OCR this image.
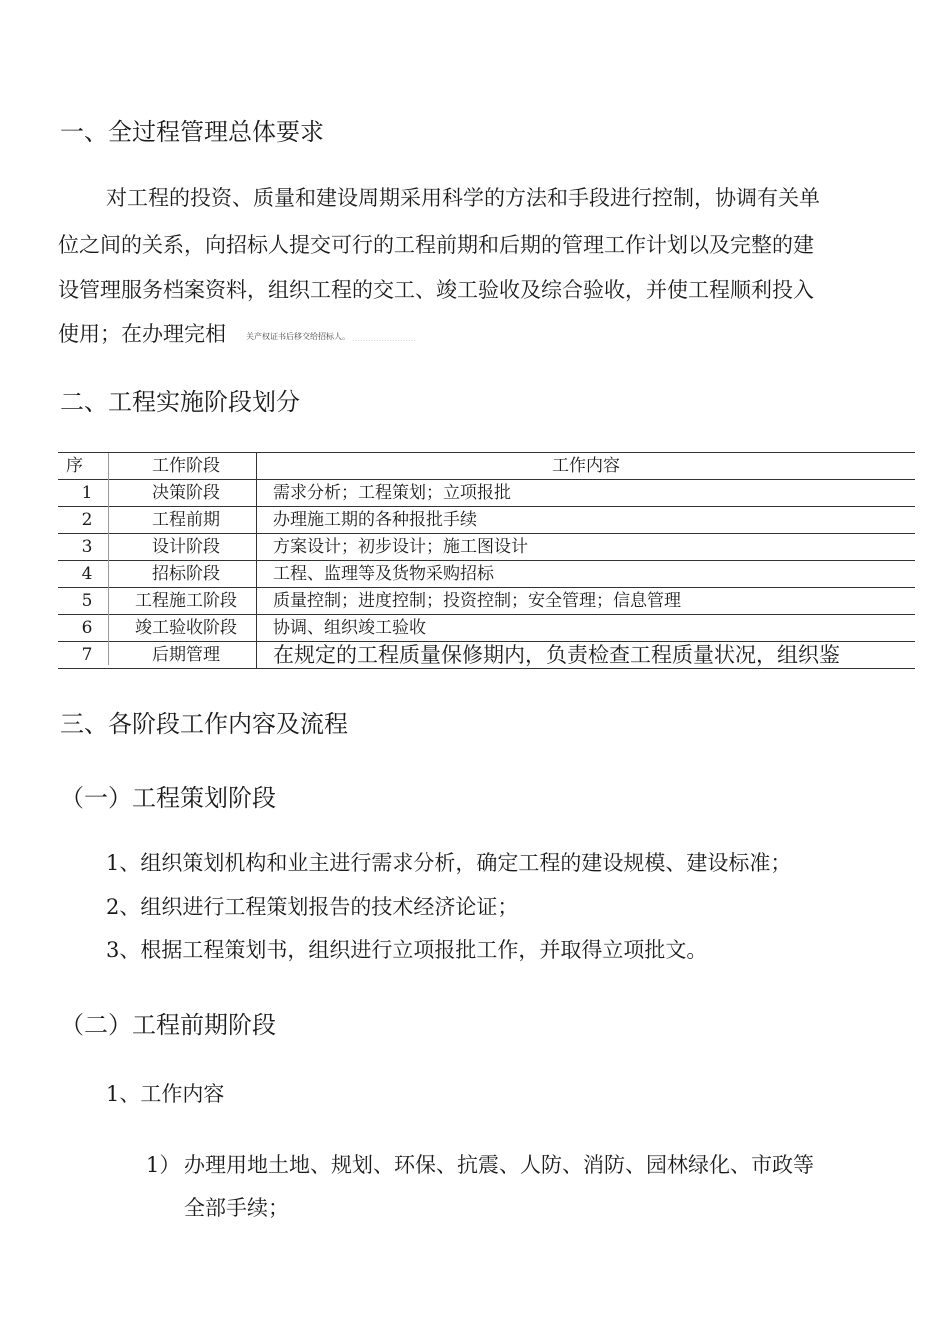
一、全过程管理总体要求
对工程的投资、质量和建设周期采用科学的方法和手段进行控制，协调有关单
位之间的关系，向招标人提交可行的工程前期和后期的管理工作计划以及完整的建
设管理服务档案资料，组织工程的交工、竣工验收及综合验收，并使工程顺利投入
使用；在办理完相	关产权证书后移交给招标人。 ……………………
二、工程实施阶段划分
序	工作阶段	工作内容
1	决策阶段	需求分析；工程策划；立项报批
2	工程前期	办理施工期的各种报批手续
3	设计阶段	方案设计；初步设计；施工图设计
4	招标阶段	工程、监理等及货物采购招标
5	工程施工阶段	质量控制；进度控制；投资控制；安全管理；信息管理
6	竣工验收阶段	协调、组织竣工验收
7	后期管理	在规定的工程质量保修期内，负责检查工程质量状况，组织鉴
三、各阶段工作内容及流程
（一）工程策划阶段
1、组织策划机构和业主进行需求分析，确定工程的建设规模、建设标准；
2、组织进行工程策划报告的技术经济论证；
3、根据工程策划书，组织进行立项报批工作，并取得立项批文。
（二）工程前期阶段
1、工作内容
1） 办理用地土地、规划、环保、抗震、人防、消防、园林绿化、市政等
全部手续；
